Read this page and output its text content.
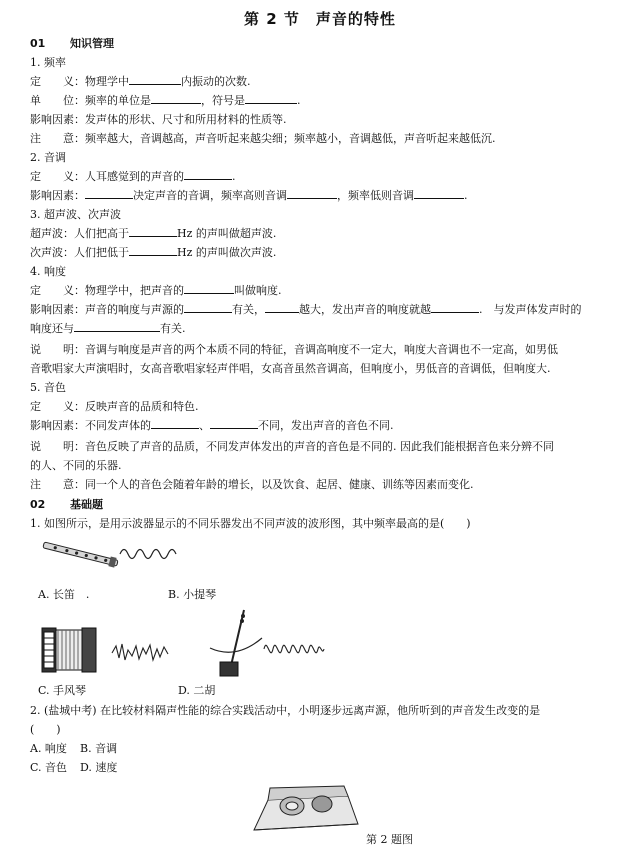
第 2 节　声音的特性
01 知识管理
1. 频率
定　　义：物理学中	内振动的次数.
单　　位：频率的单位是	，符号是	.
影响因素：发声体的形状、尺寸和所用材料的性质等.
注　　意：频率越大，音调越高，声音听起来越尖细；频率越小，音调越低，声音听起来越低沉.
2. 音调
定　　义：人耳感觉到的声音的	.
影响因素：	决定声音的音调，频率高则音调	，频率低则音调	.
3. 超声波、次声波
超声波：人们把高于	Hz 的声叫做超声波.
次声波：人们把低于	Hz 的声叫做次声波.
4. 响度
定　　义：物理学中，把声音的	叫做响度.
影响因素：声音的响度与声源的	有关，	越大，发出声音的响度就越	.　与发声体发声时的
响度还与	有关.
说　　明：音调与响度是声音的两个本质不同的特征，音调高响度不一定大，响度大音调也不一定高，如男低
音歌唱家大声演唱时，女高音歌唱家轻声伴唱，女高音虽然音调高，但响度小，男低音的音调低，但响度大.
5. 音色
定　　义：反映声音的品质和特色.
影响因素：不同发声体的	、	不同，发出声音的音色不同.
说　　明：音色反映了声音的品质，不同发声体发出的声音的音色是不同的. 因此我们能根据音色来分辨不同
的人、不同的乐器.
注　　意：同一个人的音色会随着年龄的增长，以及饮食、起居、健康、训练等因素而变化.
02 基础题
1. 如图所示，是用示波器显示的不同乐器发出不同声波的波形图，其中频率最高的是(　　)
A. 长笛　.	B. 小提琴
C. 手风琴	D. 二胡
2. (盐城中考) 在比较材料隔声性能的综合实践活动中，小明逐步远离声源，他所听到的声音发生改变的是
(　　)
A. 响度 B. 音调
C. 音色 D. 速度
第 2 题图
